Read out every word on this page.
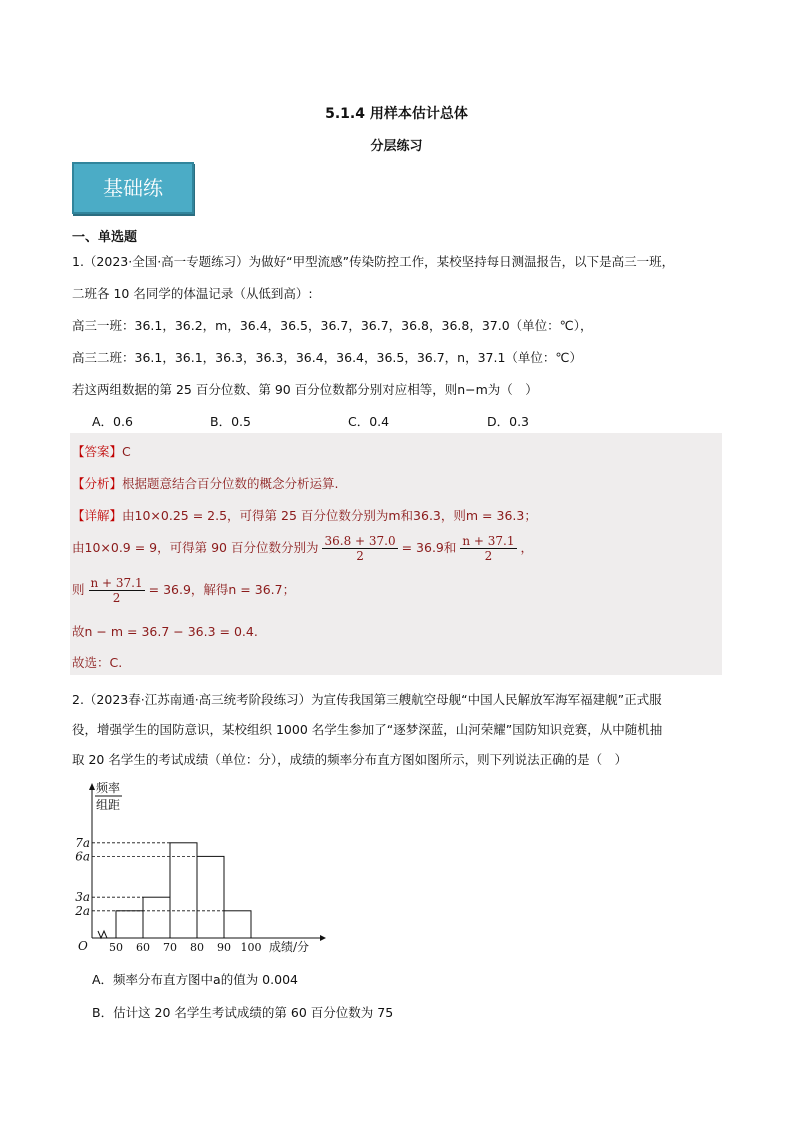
5.1.4 用样本估计总体
分层练习
基础练
一、单选题
1.（2023·全国·高一专题练习）为做好“甲型流感”传染防控工作，某校坚持每日测温报告，以下是高三一班，
二班各 10 名同学的体温记录（从低到高）:
高三一班：36.1，36.2，m，36.4，36.5，36.7，36.7，36.8，36.8，37.0（单位：℃），
高三二班：36.1，36.1，36.3，36.3，36.4，36.4，36.5，36.7，n，37.1（单位：℃）
若这两组数据的第 25 百分位数、第 90 百分位数都分别对应相等，则n−m为（　）
A．0.6	B．0.5	C．0.4	D．0.3
【答案】C
【分析】根据题意结合百分位数的概念分析运算.
【详解】由10×0.25 = 2.5，可得第 25 百分位数分别为m和36.3，则m = 36.3；
由10×0.9 = 9，可得第 90 百分位数分别为 $\frac{36.8 + 37.0}{2} = 36.9$和 $\frac{n + 37.1}{2}$ ，
则 $\frac{n + 37.1}{2} = 36.9$，解得n = 36.7；
故n − m = 36.7 − 36.3 = 0.4.
故选：C.
2.（2023春·江苏南通·高三统考阶段练习）为宣传我国第三艘航空母舰“中国人民解放军海军福建舰”正式服
役，增强学生的国防意识，某校组织 1000 名学生参加了“逐梦深蓝，山河荣耀”国防知识竞赛，从中随机抽
取 20 名学生的考试成绩（单位：分），成绩的频率分布直方图如图所示，则下列说法正确的是（　）
频率
组距
O
2a
3a
6a
7a
50 60 70 80 90 100 成绩/分
A．频率分布直方图中a的值为 0.004
B．估计这 20 名学生考试成绩的第 60 百分位数为 75
